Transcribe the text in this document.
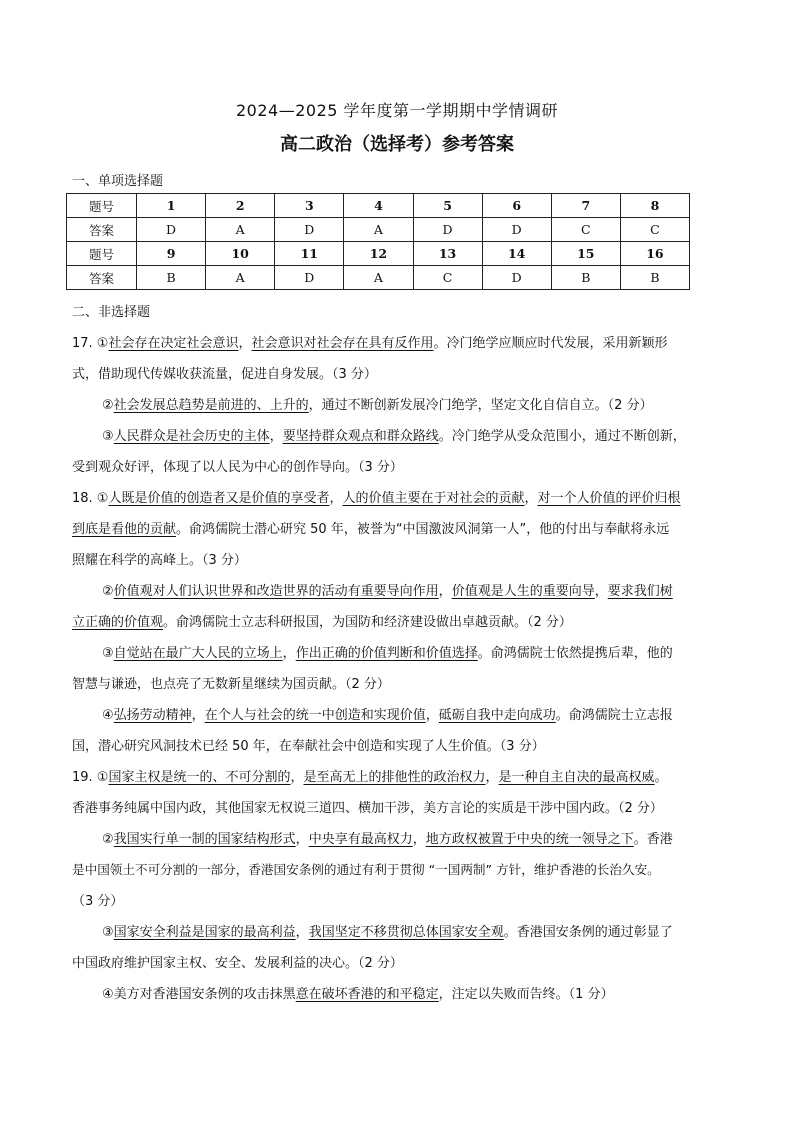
2024—2025 学年度第一学期期中学情调研
高二政治（选择考）参考答案
一、单项选择题
题号	1	2	3	4	5	6	7	8
答案	D	A	D	A	D	D	C	C
题号	9	10	11	12	13	14	15	16
答案	B	A	D	A	C	D	B	B
二、非选择题
17. ①社会存在决定社会意识，社会意识对社会存在具有反作用。冷门绝学应顺应时代发展，采用新颖形
式，借助现代传媒收获流量，促进自身发展。（3 分）
②社会发展总趋势是前进的、上升的，通过不断创新发展冷门绝学，坚定文化自信自立。（2 分）
③人民群众是社会历史的主体，要坚持群众观点和群众路线。冷门绝学从受众范围小，通过不断创新，
受到观众好评，体现了以人民为中心的创作导向。（3 分）
18. ①人既是价值的创造者又是价值的享受者，人的价值主要在于对社会的贡献，对一个人价值的评价归根
到底是看他的贡献。俞鸿儒院士潜心研究 50 年，被誉为“中国激波风洞第一人”，他的付出与奉献将永远
照耀在科学的高峰上。（3 分）
②价值观对人们认识世界和改造世界的活动有重要导向作用，价值观是人生的重要向导，要求我们树
立正确的价值观。俞鸿儒院士立志科研报国，为国防和经济建设做出卓越贡献。（2 分）
③自觉站在最广大人民的立场上，作出正确的价值判断和价值选择。俞鸿儒院士依然提携后辈，他的
智慧与谦逊，也点亮了无数新星继续为国贡献。（2 分）
④弘扬劳动精神，在个人与社会的统一中创造和实现价值，砥砺自我中走向成功。俞鸿儒院士立志报
国，潜心研究风洞技术已经 50 年，在奉献社会中创造和实现了人生价值。（3 分）
19. ①国家主权是统一的、不可分割的，是至高无上的排他性的政治权力，是一种自主自决的最高权威。
香港事务纯属中国内政，其他国家无权说三道四、横加干涉，美方言论的实质是干涉中国内政。（2 分）
②我国实行单一制的国家结构形式，中央享有最高权力，地方政权被置于中央的统一领导之下。香港
是中国领土不可分割的一部分，香港国安条例的通过有利于贯彻 “一国两制” 方针，维护香港的长治久安。
（3 分）
③国家安全利益是国家的最高利益，我国坚定不移贯彻总体国家安全观。香港国安条例的通过彰显了
中国政府维护国家主权、安全、发展利益的决心。（2 分）
④美方对香港国安条例的攻击抹黑意在破坏香港的和平稳定，注定以失败而告终。（1 分）
